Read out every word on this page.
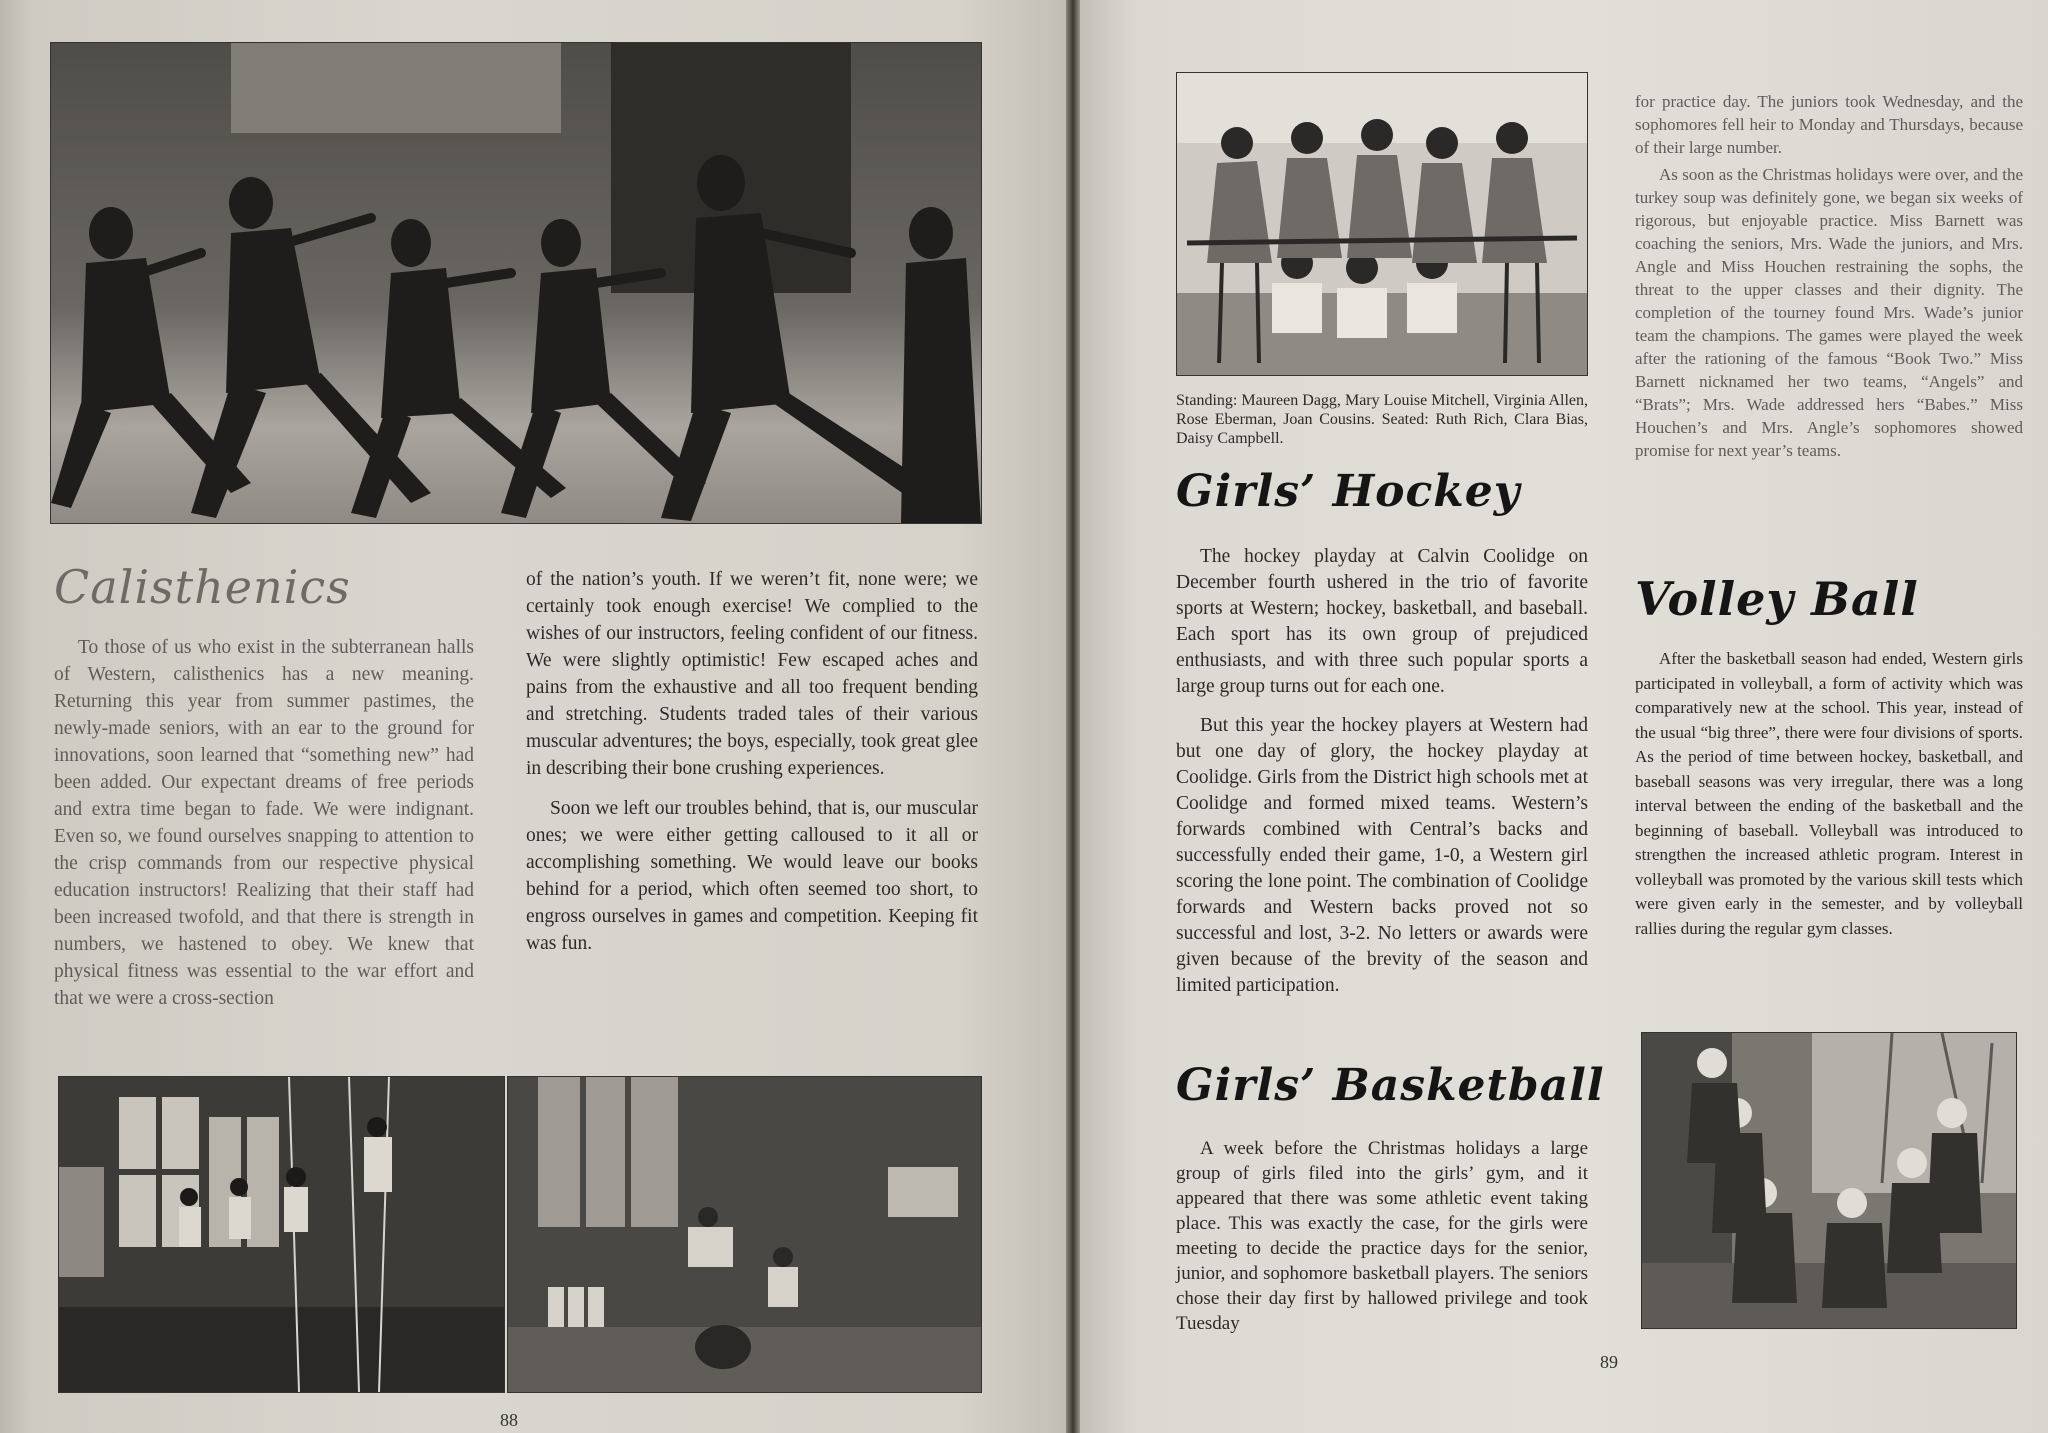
Calisthenics

To those of us who exist in the subterranean halls of Western, calisthenics has a new meaning. Returning this year from summer pastimes, the newly-made seniors, with an ear to the ground for innovations, soon learned that “something new” had been added. Our expectant dreams of free periods and extra time began to fade. We were indignant. Even so, we found ourselves snapping to attention to the crisp commands from our respective physical education instructors! Realizing that their staff had been increased twofold, and that there is strength in numbers, we hastened to obey. We knew that physical fitness was essential to the war effort and that we were a cross-section

of the nation’s youth. If we weren’t fit, none were; we certainly took enough exercise! We complied to the wishes of our instructors, feeling confident of our fitness. We were slightly optimistic! Few escaped aches and pains from the exhaustive and all too frequent bending and stretching. Students traded tales of their various muscular adventures; the boys, especially, took great glee in describing their bone crushing experiences.

Soon we left our troubles behind, that is, our muscular ones; we were either getting calloused to it all or accomplishing something. We would leave our books behind for a period, which often seemed too short, to engross ourselves in games and competition. Keeping fit was fun.

88

Standing: Maureen Dagg, Mary Louise Mitchell, Virginia Allen, Rose Eberman, Joan Cousins. Seated: Ruth Rich, Clara Bias, Daisy Campbell.

Girls’ Hockey

The hockey playday at Calvin Coolidge on December fourth ushered in the trio of favorite sports at Western; hockey, basketball, and baseball. Each sport has its own group of prejudiced enthusiasts, and with three such popular sports a large group turns out for each one.

But this year the hockey players at Western had but one day of glory, the hockey playday at Coolidge. Girls from the District high schools met at Coolidge and formed mixed teams. Western’s forwards combined with Central’s backs and successfully ended their game, 1-0, a Western girl scoring the lone point. The combination of Coolidge forwards and Western backs proved not so successful and lost, 3-2. No letters or awards were given because of the brevity of the season and limited participation.

Girls’ Basketball

A week before the Christmas holidays a large group of girls filed into the girls’ gym, and it appeared that there was some athletic event taking place. This was exactly the case, for the girls were meeting to decide the practice days for the senior, junior, and sophomore basketball players. The seniors chose their day first by hallowed privilege and took Tuesday

for practice day. The juniors took Wednesday, and the sophomores fell heir to Monday and Thursdays, because of their large number.

As soon as the Christmas holidays were over, and the turkey soup was definitely gone, we began six weeks of rigorous, but enjoyable practice. Miss Barnett was coaching the seniors, Mrs. Wade the juniors, and Mrs. Angle and Miss Houchen restraining the sophs, the threat to the upper classes and their dignity. The completion of the tourney found Mrs. Wade’s junior team the champions. The games were played the week after the rationing of the famous “Book Two.” Miss Barnett nicknamed her two teams, “Angels” and “Brats”; Mrs. Wade addressed hers “Babes.” Miss Houchen’s and Mrs. Angle’s sophomores showed promise for next year’s teams.

Volley Ball

After the basketball season had ended, Western girls participated in volleyball, a form of activity which was comparatively new at the school. This year, instead of the usual “big three”, there were four divisions of sports. As the period of time between hockey, basketball, and baseball seasons was very irregular, there was a long interval between the ending of the basketball and the beginning of baseball. Volleyball was introduced to strengthen the increased athletic program. Interest in volleyball was promoted by the various skill tests which were given early in the semester, and by volleyball rallies during the regular gym classes.

89
